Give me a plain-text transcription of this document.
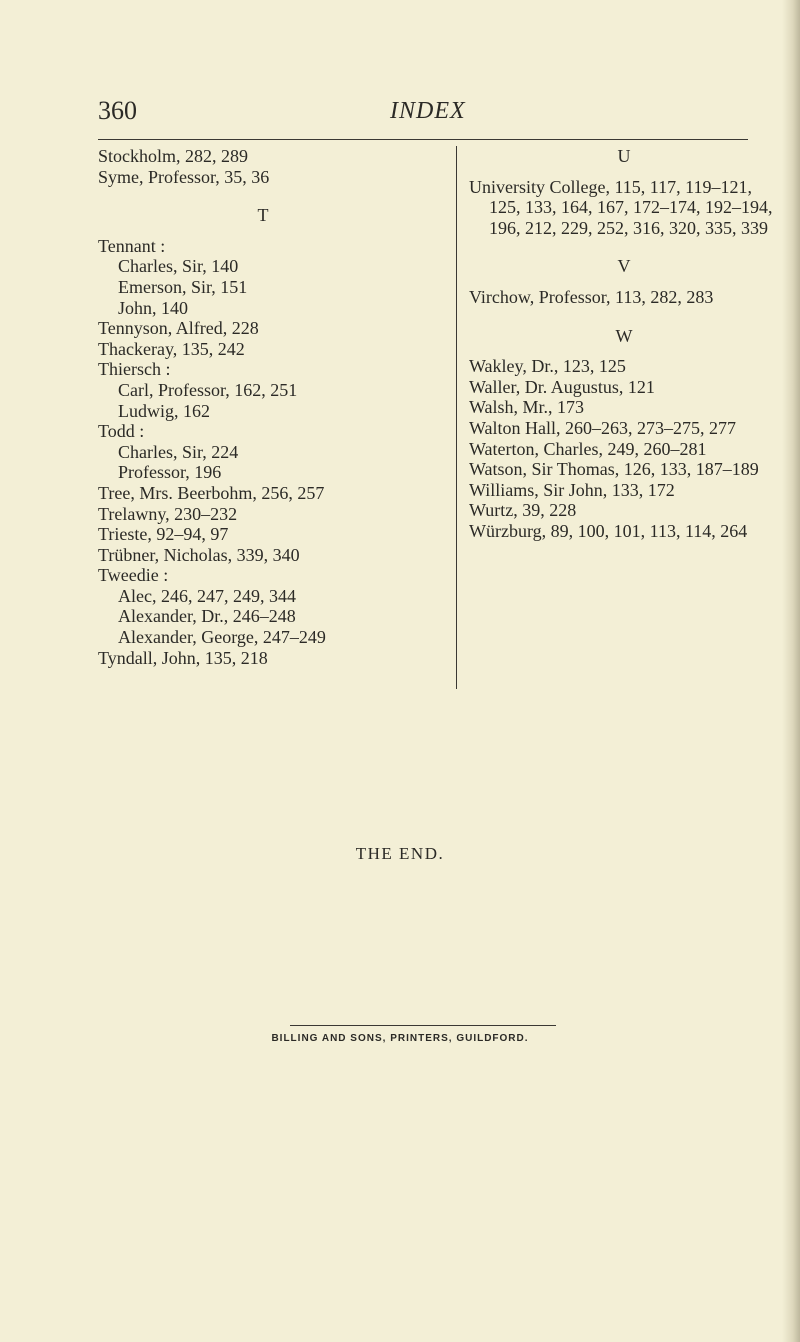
360	INDEX
Stockholm, 282, 289
Syme, Professor, 35, 36
T
Tennant :
Charles, Sir, 140
Emerson, Sir, 151
John, 140
Tennyson, Alfred, 228
Thackeray, 135, 242
Thiersch :
Carl, Professor, 162, 251
Ludwig, 162
Todd :
Charles, Sir, 224
Professor, 196
Tree, Mrs. Beerbohm, 256, 257
Trelawny, 230–232
Trieste, 92–94, 97
Trübner, Nicholas, 339, 340
Tweedie :
Alec, 246, 247, 249, 344
Alexander, Dr., 246–248
Alexander, George, 247–249
Tyndall, John, 135, 218
U
University College, 115, 117, 119–121, 125, 133, 164, 167, 172–174, 192–194, 196, 212, 229, 252, 316, 320, 335, 339
V
Virchow, Professor, 113, 282, 283
W
Wakley, Dr., 123, 125
Waller, Dr. Augustus, 121
Walsh, Mr., 173
Walton Hall, 260–263, 273–275, 277
Waterton, Charles, 249, 260–281
Watson, Sir Thomas, 126, 133, 187–189
Williams, Sir John, 133, 172
Wurtz, 39, 228
Würzburg, 89, 100, 101, 113, 114, 264
THE END.
BILLING AND SONS, PRINTERS, GUILDFORD.
